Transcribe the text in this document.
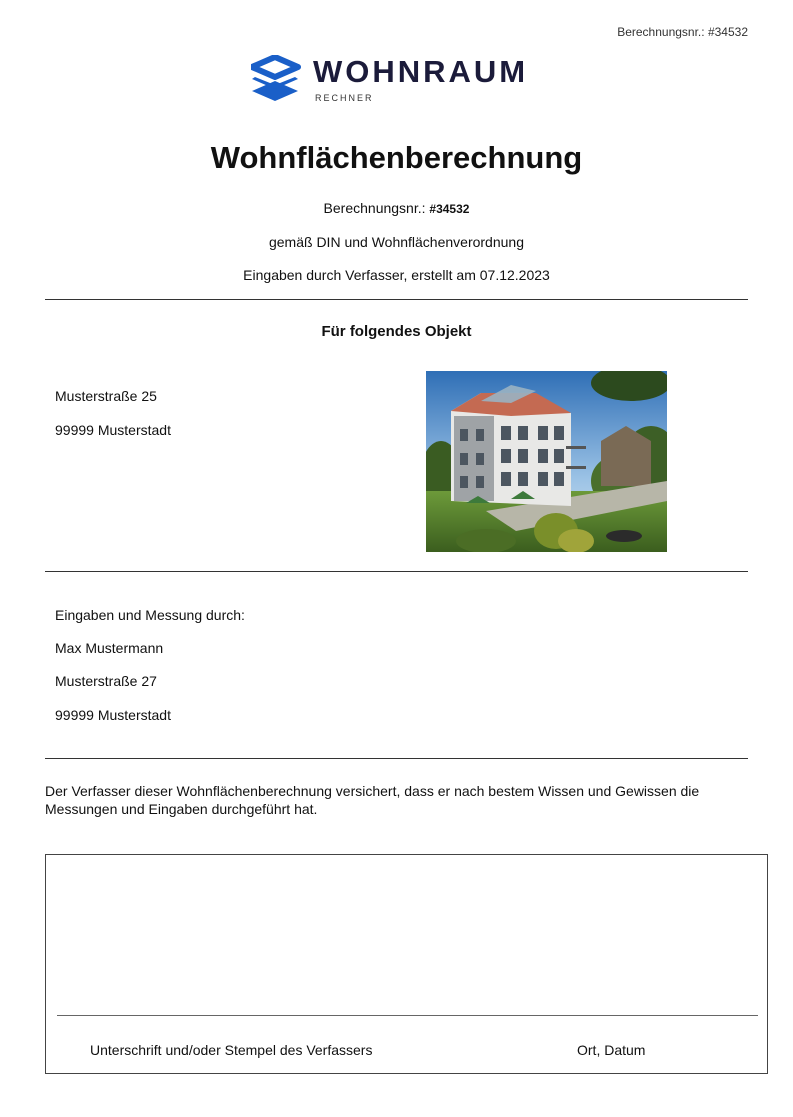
Berechnungsnr.: #34532
WOHNRAUM
RECHNER
Wohnflächenberechnung
Berechnungsnr.: #34532
gemäß DIN und Wohnflächenverordnung
Eingaben durch Verfasser, erstellt am 07.12.2023
Für folgendes Objekt
Musterstraße 25
99999 Musterstadt
Eingaben und Messung durch:
Max Mustermann
Musterstraße 27
99999 Musterstadt
Der Verfasser dieser Wohnflächenberechnung versichert, dass er nach bestem Wissen und Gewissen die Messungen und Eingaben durchgeführt hat.
Unterschrift und/oder Stempel des Verfassers	Ort, Datum
